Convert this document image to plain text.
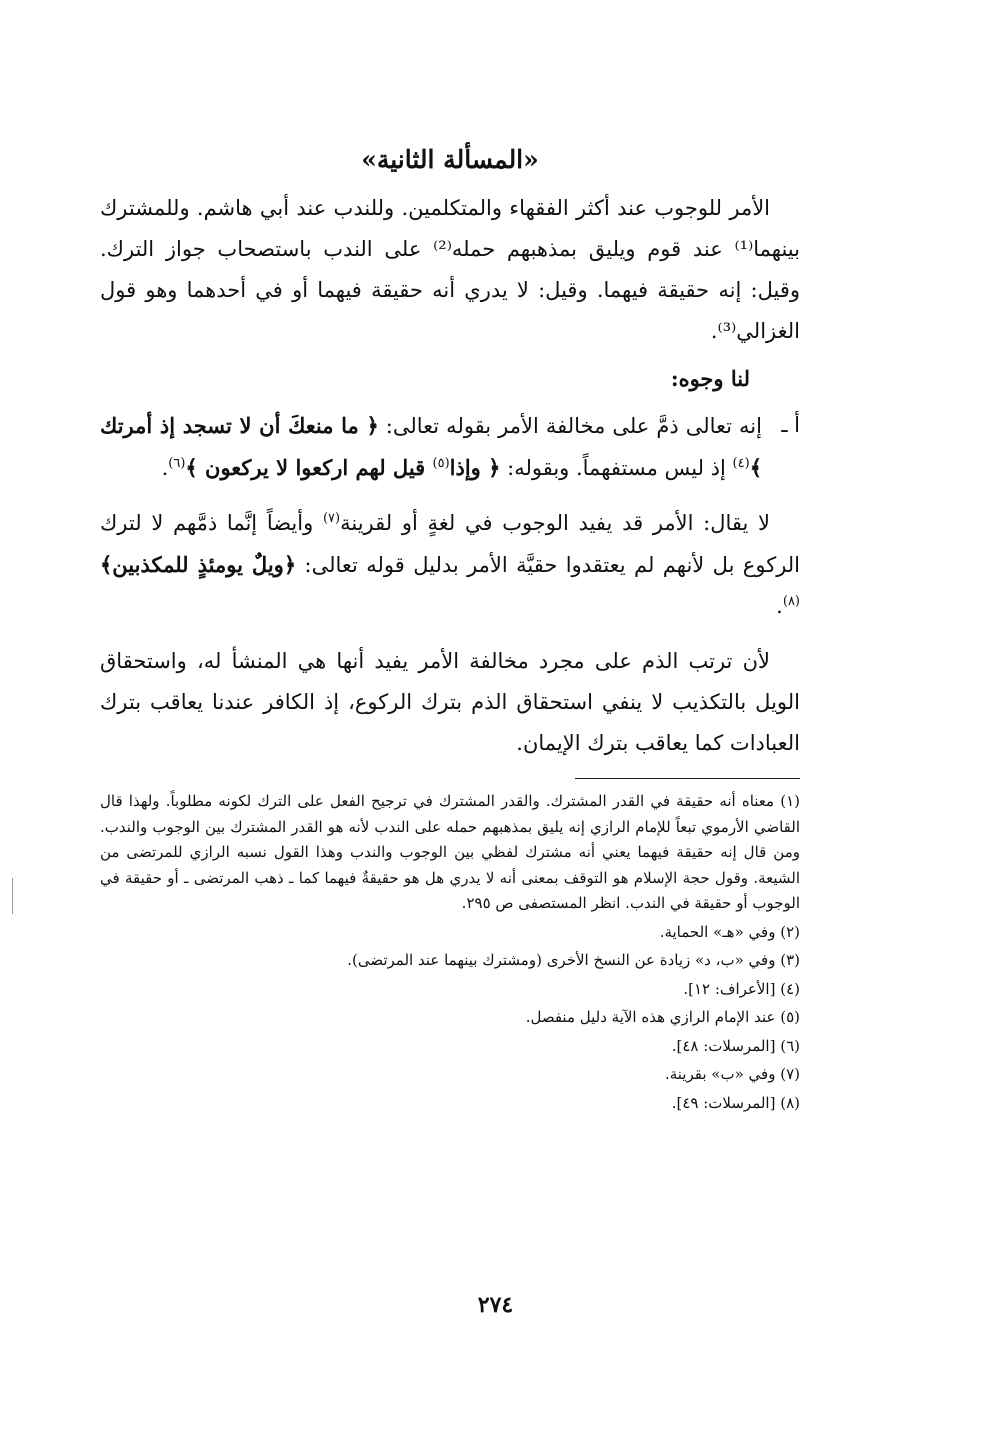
«المسألة الثانية»

الأمر للوجوب عند أكثر الفقهاء والمتكلمين. وللندب عند أبي هاشم. وللمشترك بينهما⁽¹⁾ عند قوم ويليق بمذهبهم حمله⁽²⁾ على الندب باستصحاب جواز الترك. وقيل: إنه حقيقة فيهما. وقيل: لا يدري أنه حقيقة فيهما أو في أحدهما وهو قول الغزالي⁽³⁾.

لنا وجوه:
أ ـ
إنه تعالى ذمَّ على مخالفة الأمر بقوله تعالى: ﴿ ما منعكَ أن لا تسجد إذ أمرتك ﴾$^{(٤)}$ إذ ليس مستفهماً. وبقوله: ﴿ وإذا$^{(٥)}$ قيل لهم اركعوا لا يركعون ﴾$^{(٦)}$.

لا يقال: الأمر قد يفيد الوجوب في لغةٍ أو لقرينة$^{(٧)}$ وأيضاً إنَّما ذمَّهم لا لترك الركوع بل لأنهم لم يعتقدوا حقيَّة الأمر بدليل قوله تعالى: ﴿ويلٌ يومئذٍ للمكذبين﴾$^{(٨)}$.

لأن ترتب الذم على مجرد مخالفة الأمر يفيد أنها هي المنشأ له، واستحقاق الويل بالتكذيب لا ينفي استحقاق الذم بترك الركوع، إذ الكافر عندنا يعاقب بترك العبادات كما يعاقب بترك الإيمان.

(١) معناه أنه حقيقة في القدر المشترك. والقدر المشترك في ترجيح الفعل على الترك لكونه مطلوباً. ولهذا قال القاضي الأرموي تبعاً للإمام الرازي إنه يليق بمذهبهم حمله على الندب لأنه هو القدر المشترك بين الوجوب والندب. ومن قال إنه حقيقة فيهما يعني أنه مشترك لفظي بين الوجوب والندب وهذا القول نسبه الرازي للمرتضى من الشيعة. وقول حجة الإسلام هو التوقف بمعنى أنه لا يدري هل هو حقيقةٌ فيهما كما ـ ذهب المرتضى ـ أو حقيقة في الوجوب أو حقيقة في الندب. انظر المستصفى ص ٢٩٥.

(٢) وفي «هـ» الحماية.

(٣) وفي «ب، د» زيادة عن النسخ الأخرى (ومشترك بينهما عند المرتضى).

(٤) [الأعراف: ١٢].

(٥) عند الإمام الرازي هذه الآية دليل منفصل.

(٦) [المرسلات: ٤٨].

(٧) وفي «ب» بقرينة.

(٨) [المرسلات: ٤٩].

٢٧٤
